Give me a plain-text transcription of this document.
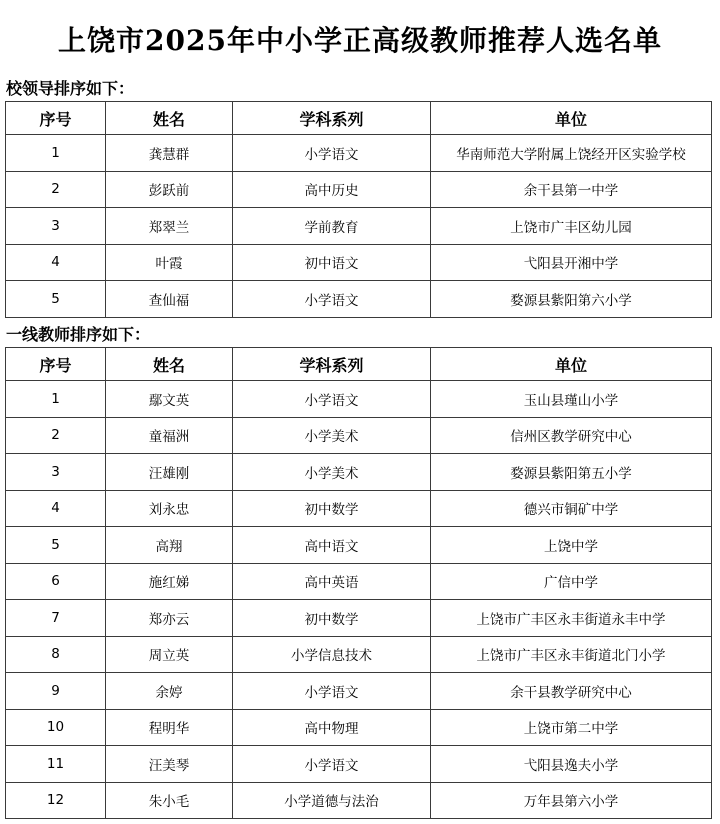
上饶市2025年中小学正高级教师推荐人选名单
校领导排序如下：
序号	姓名	学科系列	单位
1	龚慧群	小学语文	华南师范大学附属上饶经开区实验学校
2	彭跃前	高中历史	余干县第一中学
3	郑翠兰	学前教育	上饶市广丰区幼儿园
4	叶霞	初中语文	弋阳县开湘中学
5	查仙福	小学语文	婺源县紫阳第六小学
一线教师排序如下：
序号	姓名	学科系列	单位
1	鄢文英	小学语文	玉山县瑾山小学
2	童福洲	小学美术	信州区教学研究中心
3	汪雄刚	小学美术	婺源县紫阳第五小学
4	刘永忠	初中数学	德兴市铜矿中学
5	高翔	高中语文	上饶中学
6	施红娣	高中英语	广信中学
7	郑亦云	初中数学	上饶市广丰区永丰街道永丰中学
8	周立英	小学信息技术	上饶市广丰区永丰街道北门小学
9	余婷	小学语文	余干县教学研究中心
10	程明华	高中物理	上饶市第二中学
11	汪美琴	小学语文	弋阳县逸夫小学
12	朱小毛	小学道德与法治	万年县第六小学
